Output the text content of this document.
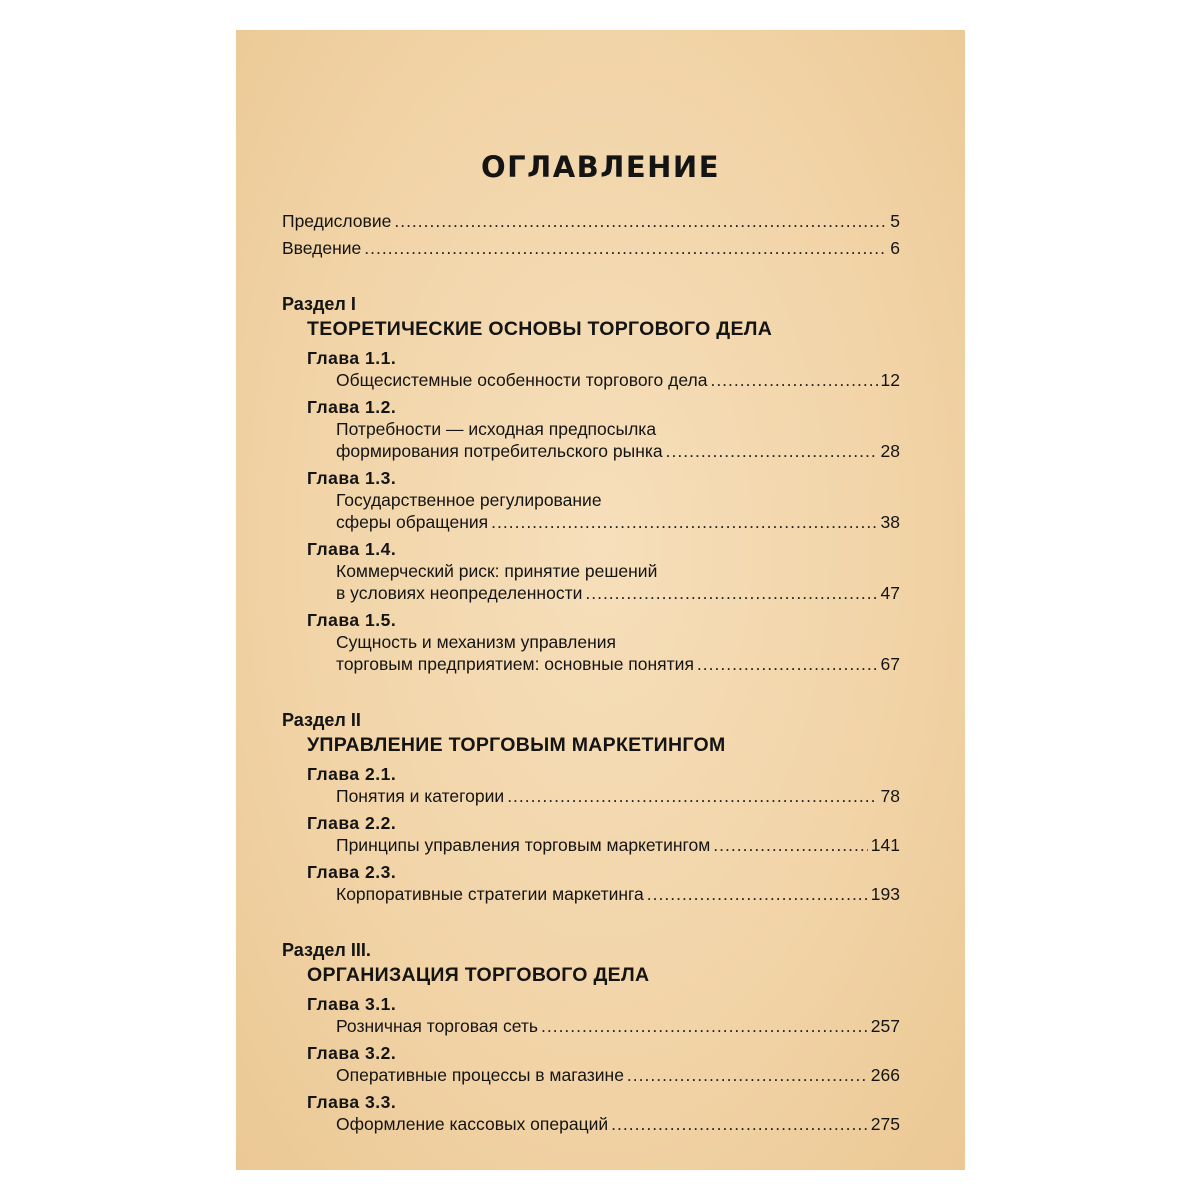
ОГЛАВЛЕНИЕ
Предисловие .....	5
Введение .....	6
Раздел I
ТЕОРЕТИЧЕСКИЕ ОСНОВЫ ТОРГОВОГО ДЕЛА
Глава 1.1.
Общесистемные особенности торгового дела .....	12
Глава 1.2.
Потребности — исходная предпосылка
формирования потребительского рынка .....	28
Глава 1.3.
Государственное регулирование
сферы обращения .....	38
Глава 1.4.
Коммерческий риск: принятие решений
в условиях неопределенности .....	47
Глава 1.5.
Сущность и механизм управления
торговым предприятием: основные понятия .....	67
Раздел II
УПРАВЛЕНИЕ ТОРГОВЫМ МАРКЕТИНГОМ
Глава 2.1.
Понятия и категории .....	78
Глава 2.2.
Принципы управления торговым маркетингом .....	141
Глава 2.3.
Корпоративные стратегии маркетинга .....	193
Раздел III.
ОРГАНИЗАЦИЯ ТОРГОВОГО ДЕЛА
Глава 3.1.
Розничная торговая сеть .....	257
Глава 3.2.
Оперативные процессы в магазине .....	266
Глава 3.3.
Оформление кассовых операций .....	275
